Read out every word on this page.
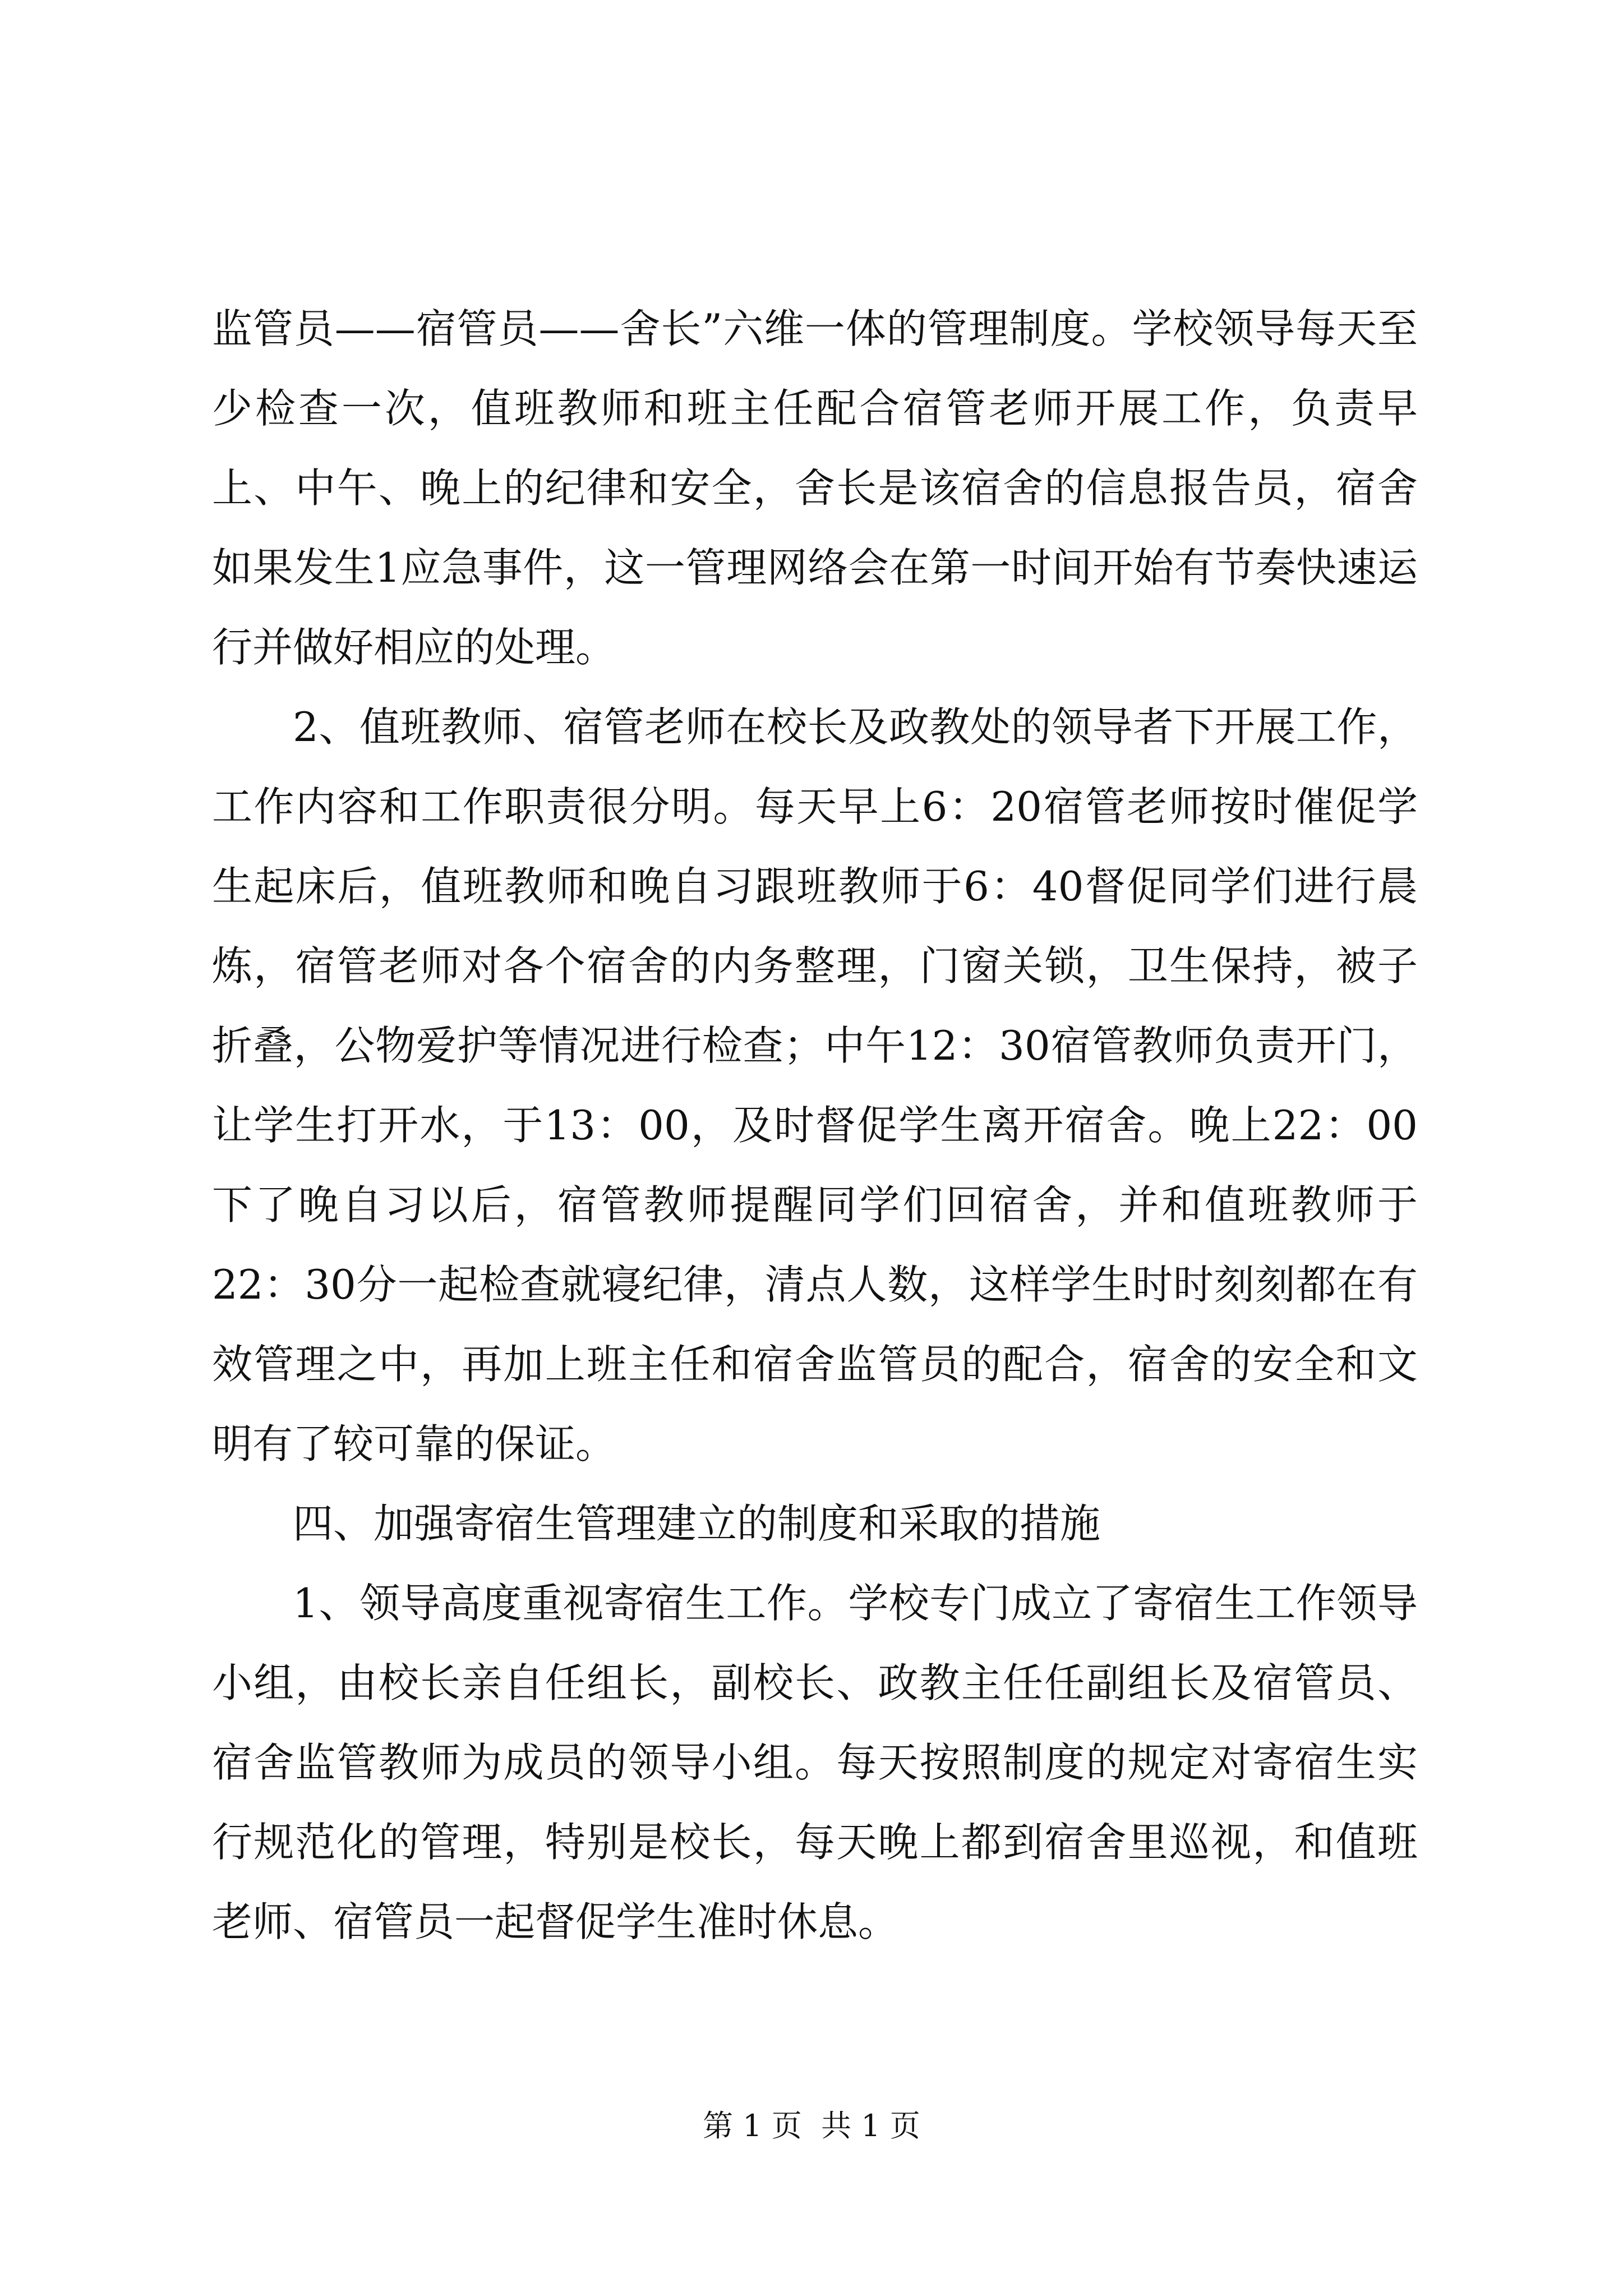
监管员——宿管员——舍长”六维一体的管理制度。学校领导每天至少检查一次，值班教师和班主任配合宿管老师开展工作，负责早上、中午、晚上的纪律和安全，舍长是该宿舍的信息报告员，宿舍如果发生1应急事件，这一管理网络会在第一时间开始有节奏快速运行并做好相应的处理。

2、值班教师、宿管老师在校长及政教处的领导者下开展工作，工作内容和工作职责很分明。每天早上6：20宿管老师按时催促学生起床后，值班教师和晚自习跟班教师于6：40督促同学们进行晨炼，宿管老师对各个宿舍的内务整理，门窗关锁，卫生保持，被子折叠，公物爱护等情况进行检查；中午12：30宿管教师负责开门，让学生打开水，于13：00，及时督促学生离开宿舍。晚上22：00下了晚自习以后，宿管教师提醒同学们回宿舍，并和值班教师于22：30分一起检查就寝纪律，清点人数，这样学生时时刻刻都在有效管理之中，再加上班主任和宿舍监管员的配合，宿舍的安全和文明有了较可靠的保证。

四、加强寄宿生管理建立的制度和采取的措施

1、领导高度重视寄宿生工作。学校专门成立了寄宿生工作领导小组，由校长亲自任组长，副校长、政教主任任副组长及宿管员、宿舍监管教师为成员的领导小组。每天按照制度的规定对寄宿生实行规范化的管理，特别是校长，每天晚上都到宿舍里巡视，和值班老师、宿管员一起督促学生准时休息。

第 1 页  共 1 页
